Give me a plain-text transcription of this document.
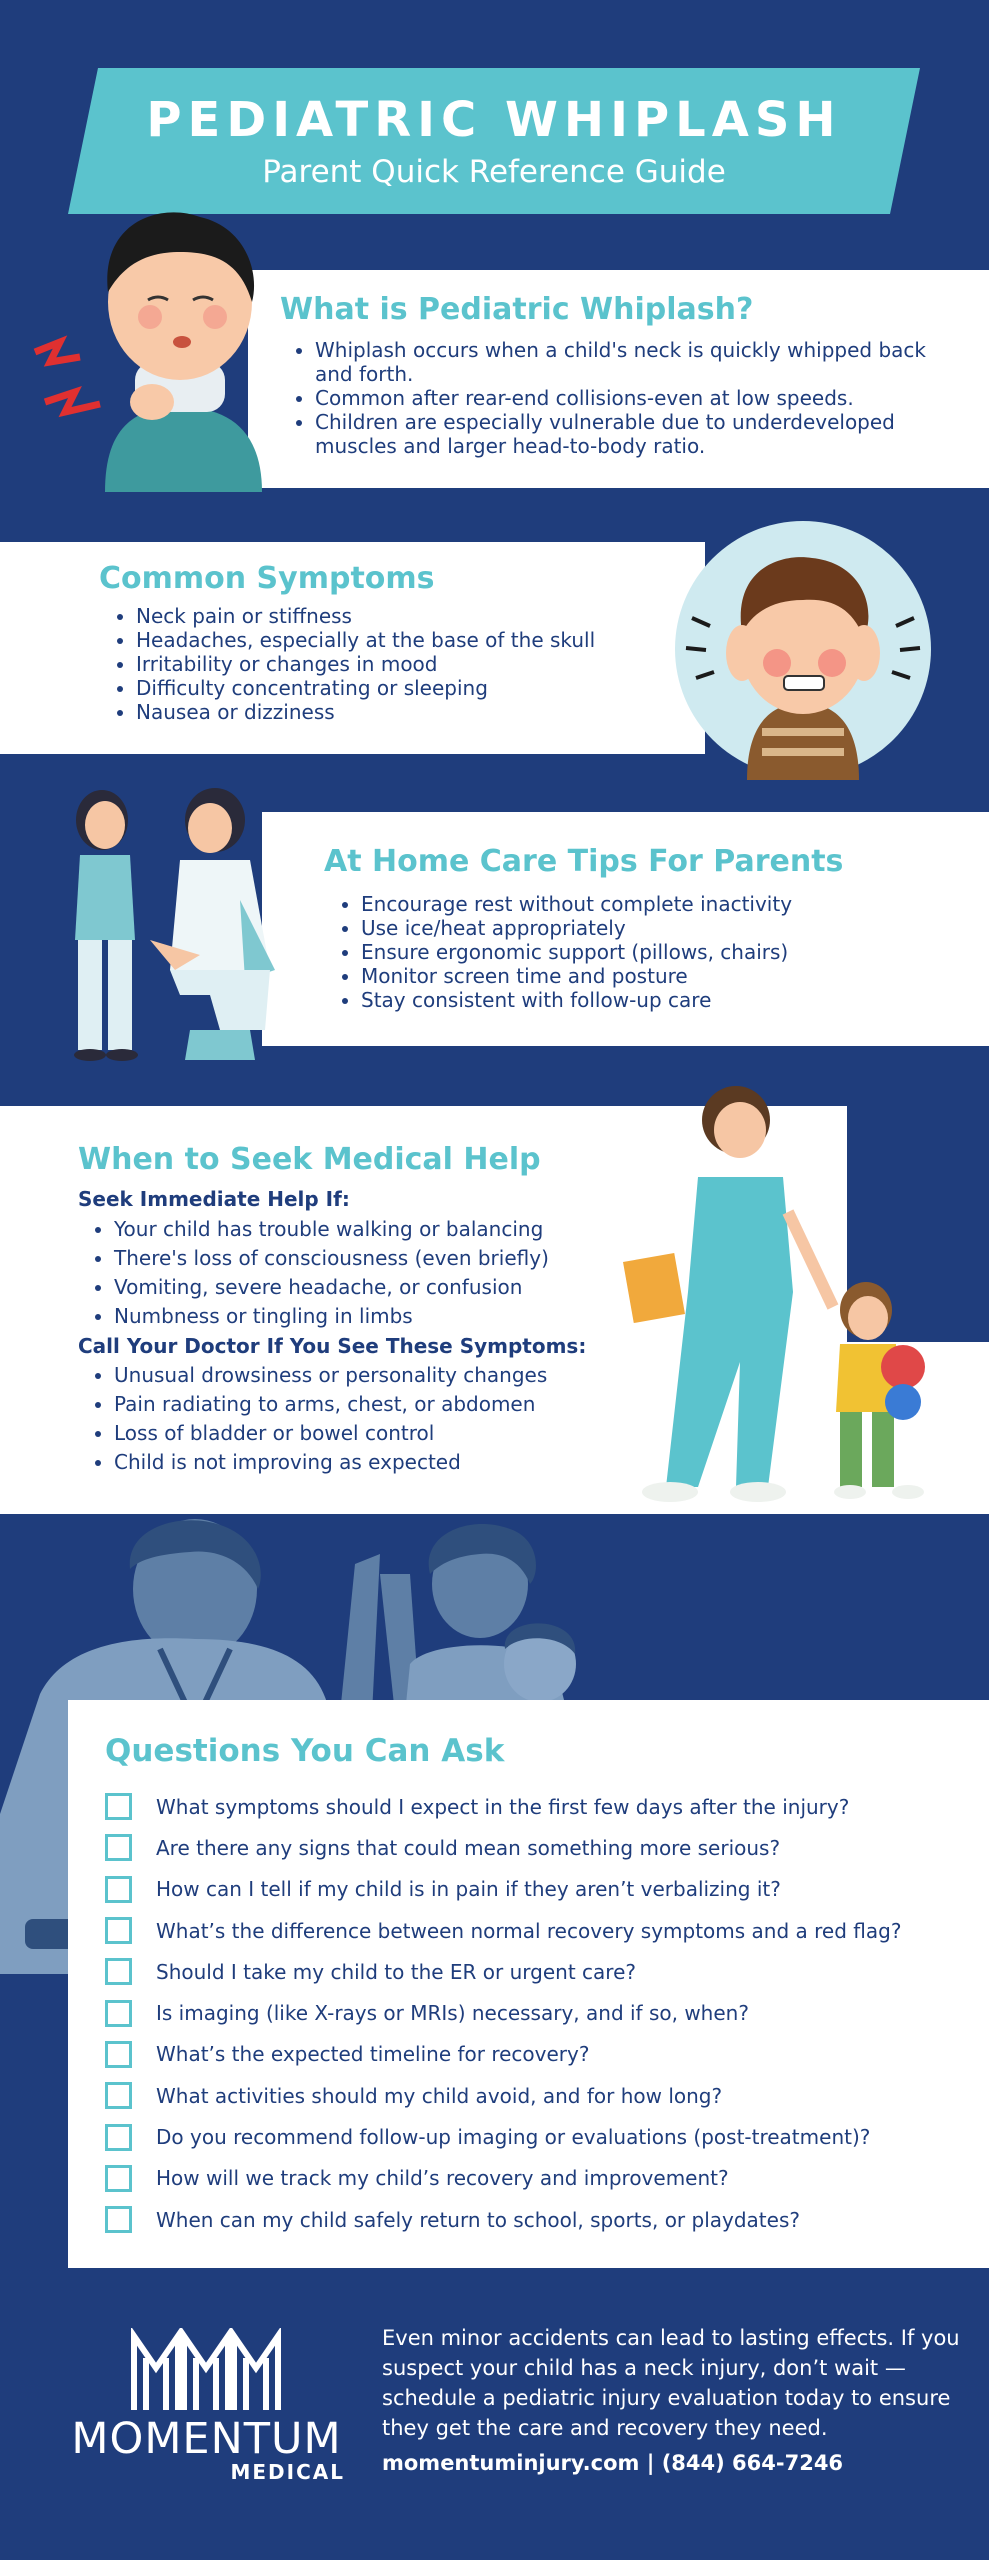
PEDIATRIC WHIPLASH
Parent Quick Reference Guide
What is Pediatric Whiplash?
• Whiplash occurs when a child's neck is quickly whipped back and forth.
• Common after rear-end collisions-even at low speeds.
• Children are especially vulnerable due to underdeveloped muscles and larger head-to-body ratio.
Common Symptoms
• Neck pain or stiffness
• Headaches, especially at the base of the skull
• Irritability or changes in mood
• Difficulty concentrating or sleeping
• Nausea or dizziness
At Home Care Tips For Parents
• Encourage rest without complete inactivity
• Use ice/heat appropriately
• Ensure ergonomic support (pillows, chairs)
• Monitor screen time and posture
• Stay consistent with follow-up care
When to Seek Medical Help
Seek Immediate Help If:
• Your child has trouble walking or balancing
• There's loss of consciousness (even briefly)
• Vomiting, severe headache, or confusion
• Numbness or tingling in limbs
Call Your Doctor If You See These Symptoms:
• Unusual drowsiness or personality changes
• Pain radiating to arms, chest, or abdomen
• Loss of bladder or bowel control
• Child is not improving as expected
Questions You Can Ask
What symptoms should I expect in the first few days after the injury?
Are there any signs that could mean something more serious?
How can I tell if my child is in pain if they aren’t verbalizing it?
What’s the difference between normal recovery symptoms and a red flag?
Should I take my child to the ER or urgent care?
Is imaging (like X-rays or MRIs) necessary, and if so, when?
What’s the expected timeline for recovery?
What activities should my child avoid, and for how long?
Do you recommend follow-up imaging or evaluations (post-treatment)?
How will we track my child’s recovery and improvement?
When can my child safely return to school, sports, or playdates?
MOMENTUM
MEDICAL
Even minor accidents can lead to lasting effects. If you suspect your child has a neck injury, don’t wait — schedule a pediatric injury evaluation today to ensure they get the care and recovery they need.
momentuminjury.com | (844) 664-7246
